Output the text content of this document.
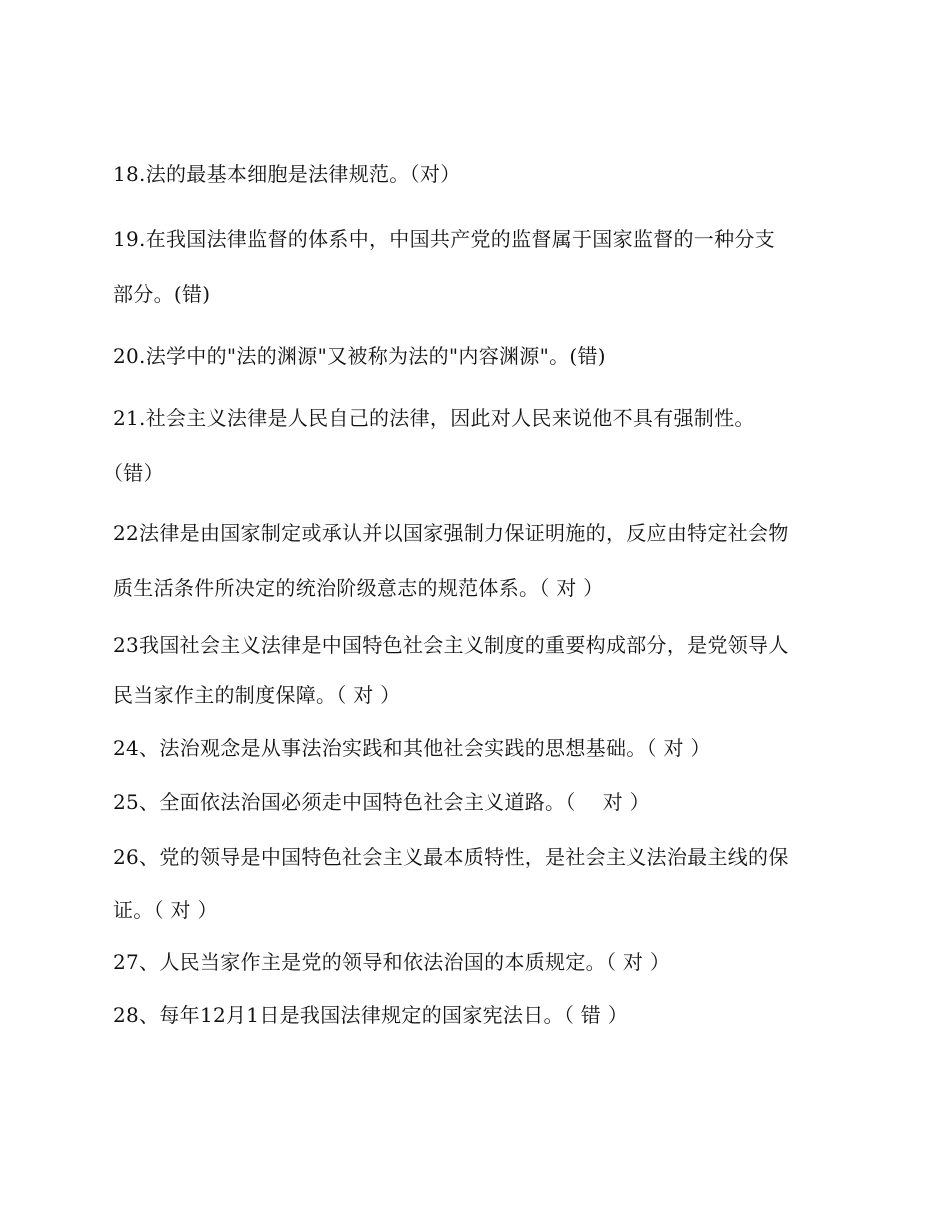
18.法的最基本细胞是法律规范。（对）
19.在我国法律监督的体系中，中国共产党的监督属于国家监督的一种分支
部分。(错)
20.法学中的"法的渊源"又被称为法的"内容渊源"。(错)
21.社会主义法律是人民自己的法律，因此对人民来说他不具有强制性。
（错）
22法律是由国家制定或承认并以国家强制力保证明施的，反应由特定社会物
质生活条件所决定的统治阶级意志的规范体系。（ 对 ）
23我国社会主义法律是中国特色社会主义制度的重要构成部分，是党领导人
民当家作主的制度保障。（ 对 ）
24、法治观念是从事法治实践和其他社会实践的思想基础。（ 对 ）
25、全面依法治国必须走中国特色社会主义道路。（　 对 ）
26、党的领导是中国特色社会主义最本质特性，是社会主义法治最主线的保
证。（ 对 ）
27、人民当家作主是党的领导和依法治国的本质规定。（ 对 ）
28、每年12月1日是我国法律规定的国家宪法日。（ 错 ）
